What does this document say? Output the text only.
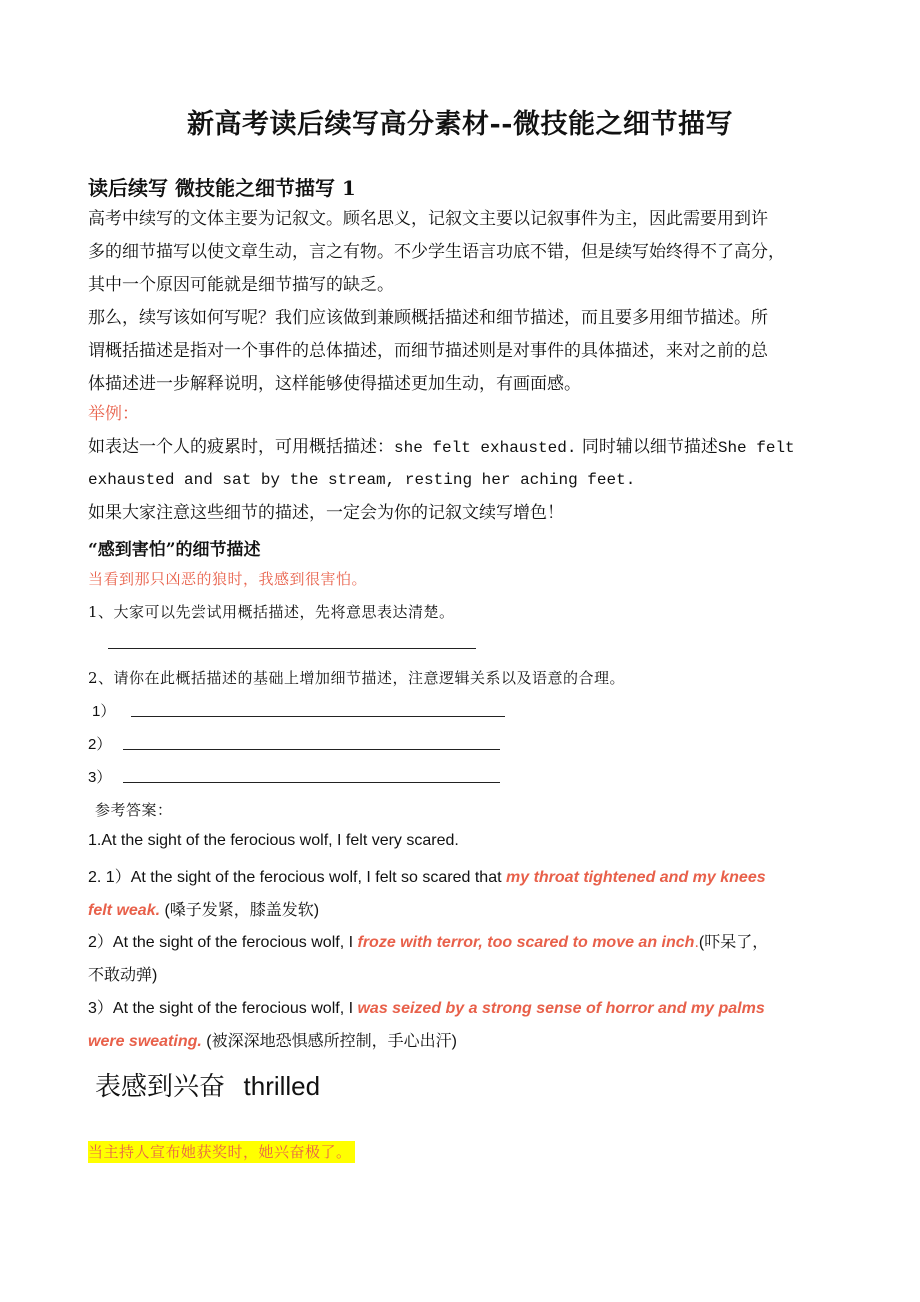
新高考读后续写高分素材--微技能之细节描写
读后续写 微技能之细节描写 1
高考中续写的文体主要为记叙文。顾名思义，记叙文主要以记叙事件为主，因此需要用到许
多的细节描写以使文章生动，言之有物。不少学生语言功底不错，但是续写始终得不了高分，
其中一个原因可能就是细节描写的缺乏。
那么，续写该如何写呢？我们应该做到兼顾概括描述和细节描述，而且要多用细节描述。所
谓概括描述是指对一个事件的总体描述，而细节描述则是对事件的具体描述，来对之前的总
体描述进一步解释说明，这样能够使得描述更加生动，有画面感。
举例：
如表达一个人的疲累时，可用概括描述：she felt exhausted. 同时辅以细节描述She felt
exhausted and sat by the stream, resting her aching feet.
如果大家注意这些细节的描述，一定会为你的记叙文续写增色！
“感到害怕”的细节描述
当看到那只凶恶的狼时，我感到很害怕。
1、大家可以先尝试用概括描述，先将意思表达清楚。
2、请你在此概括描述的基础上增加细节描述，注意逻辑关系以及语意的合理。
1）
2）
3）
参考答案：
1.At the sight of the ferocious wolf, I felt very scared.
2. 1）At the sight of the ferocious wolf, I felt so scared that my throat tightened and my knees
felt weak. (嗓子发紧，膝盖发软)
2）At the sight of the ferocious wolf, I froze with terror, too scared to move an inch.(吓呆了，
不敢动弹)
3）At the sight of the ferocious wolf, I was seized by a strong sense of horror and my palms
were sweating. (被深深地恐惧感所控制，手心出汗)
表感到兴奋 thrilled
当主持人宣布她获奖时，她兴奋极了。
